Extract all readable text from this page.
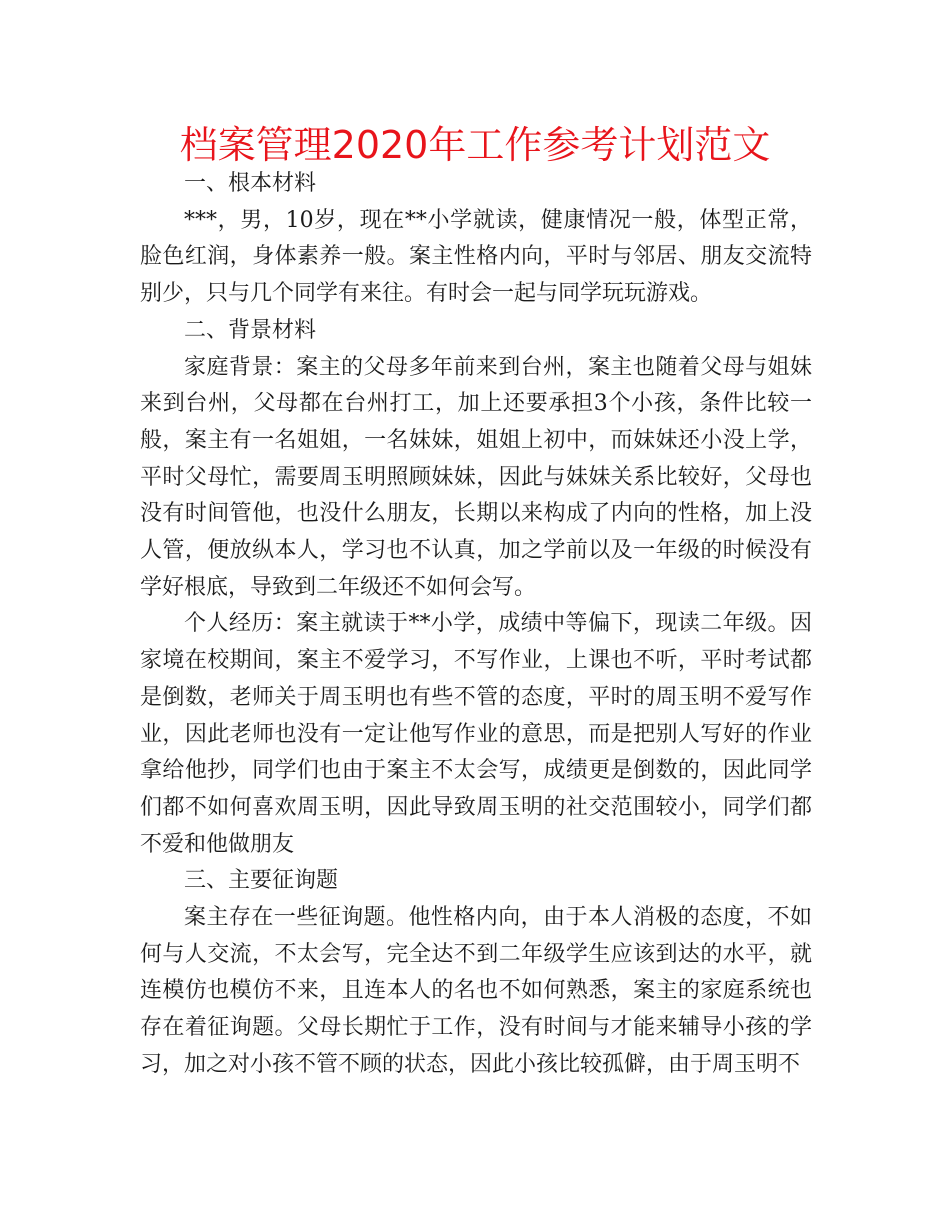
档案管理2020年工作参考计划范文

一、根本材料

***，男，10岁，现在**小学就读，健康情况一般，体型正常，脸色红润，身体素养一般。案主性格内向，平时与邻居、朋友交流特别少，只与几个同学有来往。有时会一起与同学玩玩游戏。

二、背景材料

家庭背景：案主的父母多年前来到台州，案主也随着父母与姐妹来到台州，父母都在台州打工，加上还要承担3个小孩，条件比较一般，案主有一名姐姐，一名妹妹，姐姐上初中，而妹妹还小没上学，平时父母忙，需要周玉明照顾妹妹，因此与妹妹关系比较好，父母也没有时间管他，也没什么朋友，长期以来构成了内向的性格，加上没人管，便放纵本人，学习也不认真，加之学前以及一年级的时候没有学好根底，导致到二年级还不如何会写。

个人经历：案主就读于**小学，成绩中等偏下，现读二年级。因家境在校期间，案主不爱学习，不写作业，上课也不听，平时考试都是倒数，老师关于周玉明也有些不管的态度，平时的周玉明不爱写作业，因此老师也没有一定让他写作业的意思，而是把别人写好的作业拿给他抄，同学们也由于案主不太会写，成绩更是倒数的，因此同学们都不如何喜欢周玉明，因此导致周玉明的社交范围较小，同学们都不爱和他做朋友

三、主要征询题

案主存在一些征询题。他性格内向，由于本人消极的态度，不如何与人交流，不太会写，完全达不到二年级学生应该到达的水平，就连模仿也模仿不来，且连本人的名也不如何熟悉，案主的家庭系统也存在着征询题。父母长期忙于工作，没有时间与才能来辅导小孩的学习，加之对小孩不管不顾的状态，因此小孩比较孤僻，由于周玉明不
